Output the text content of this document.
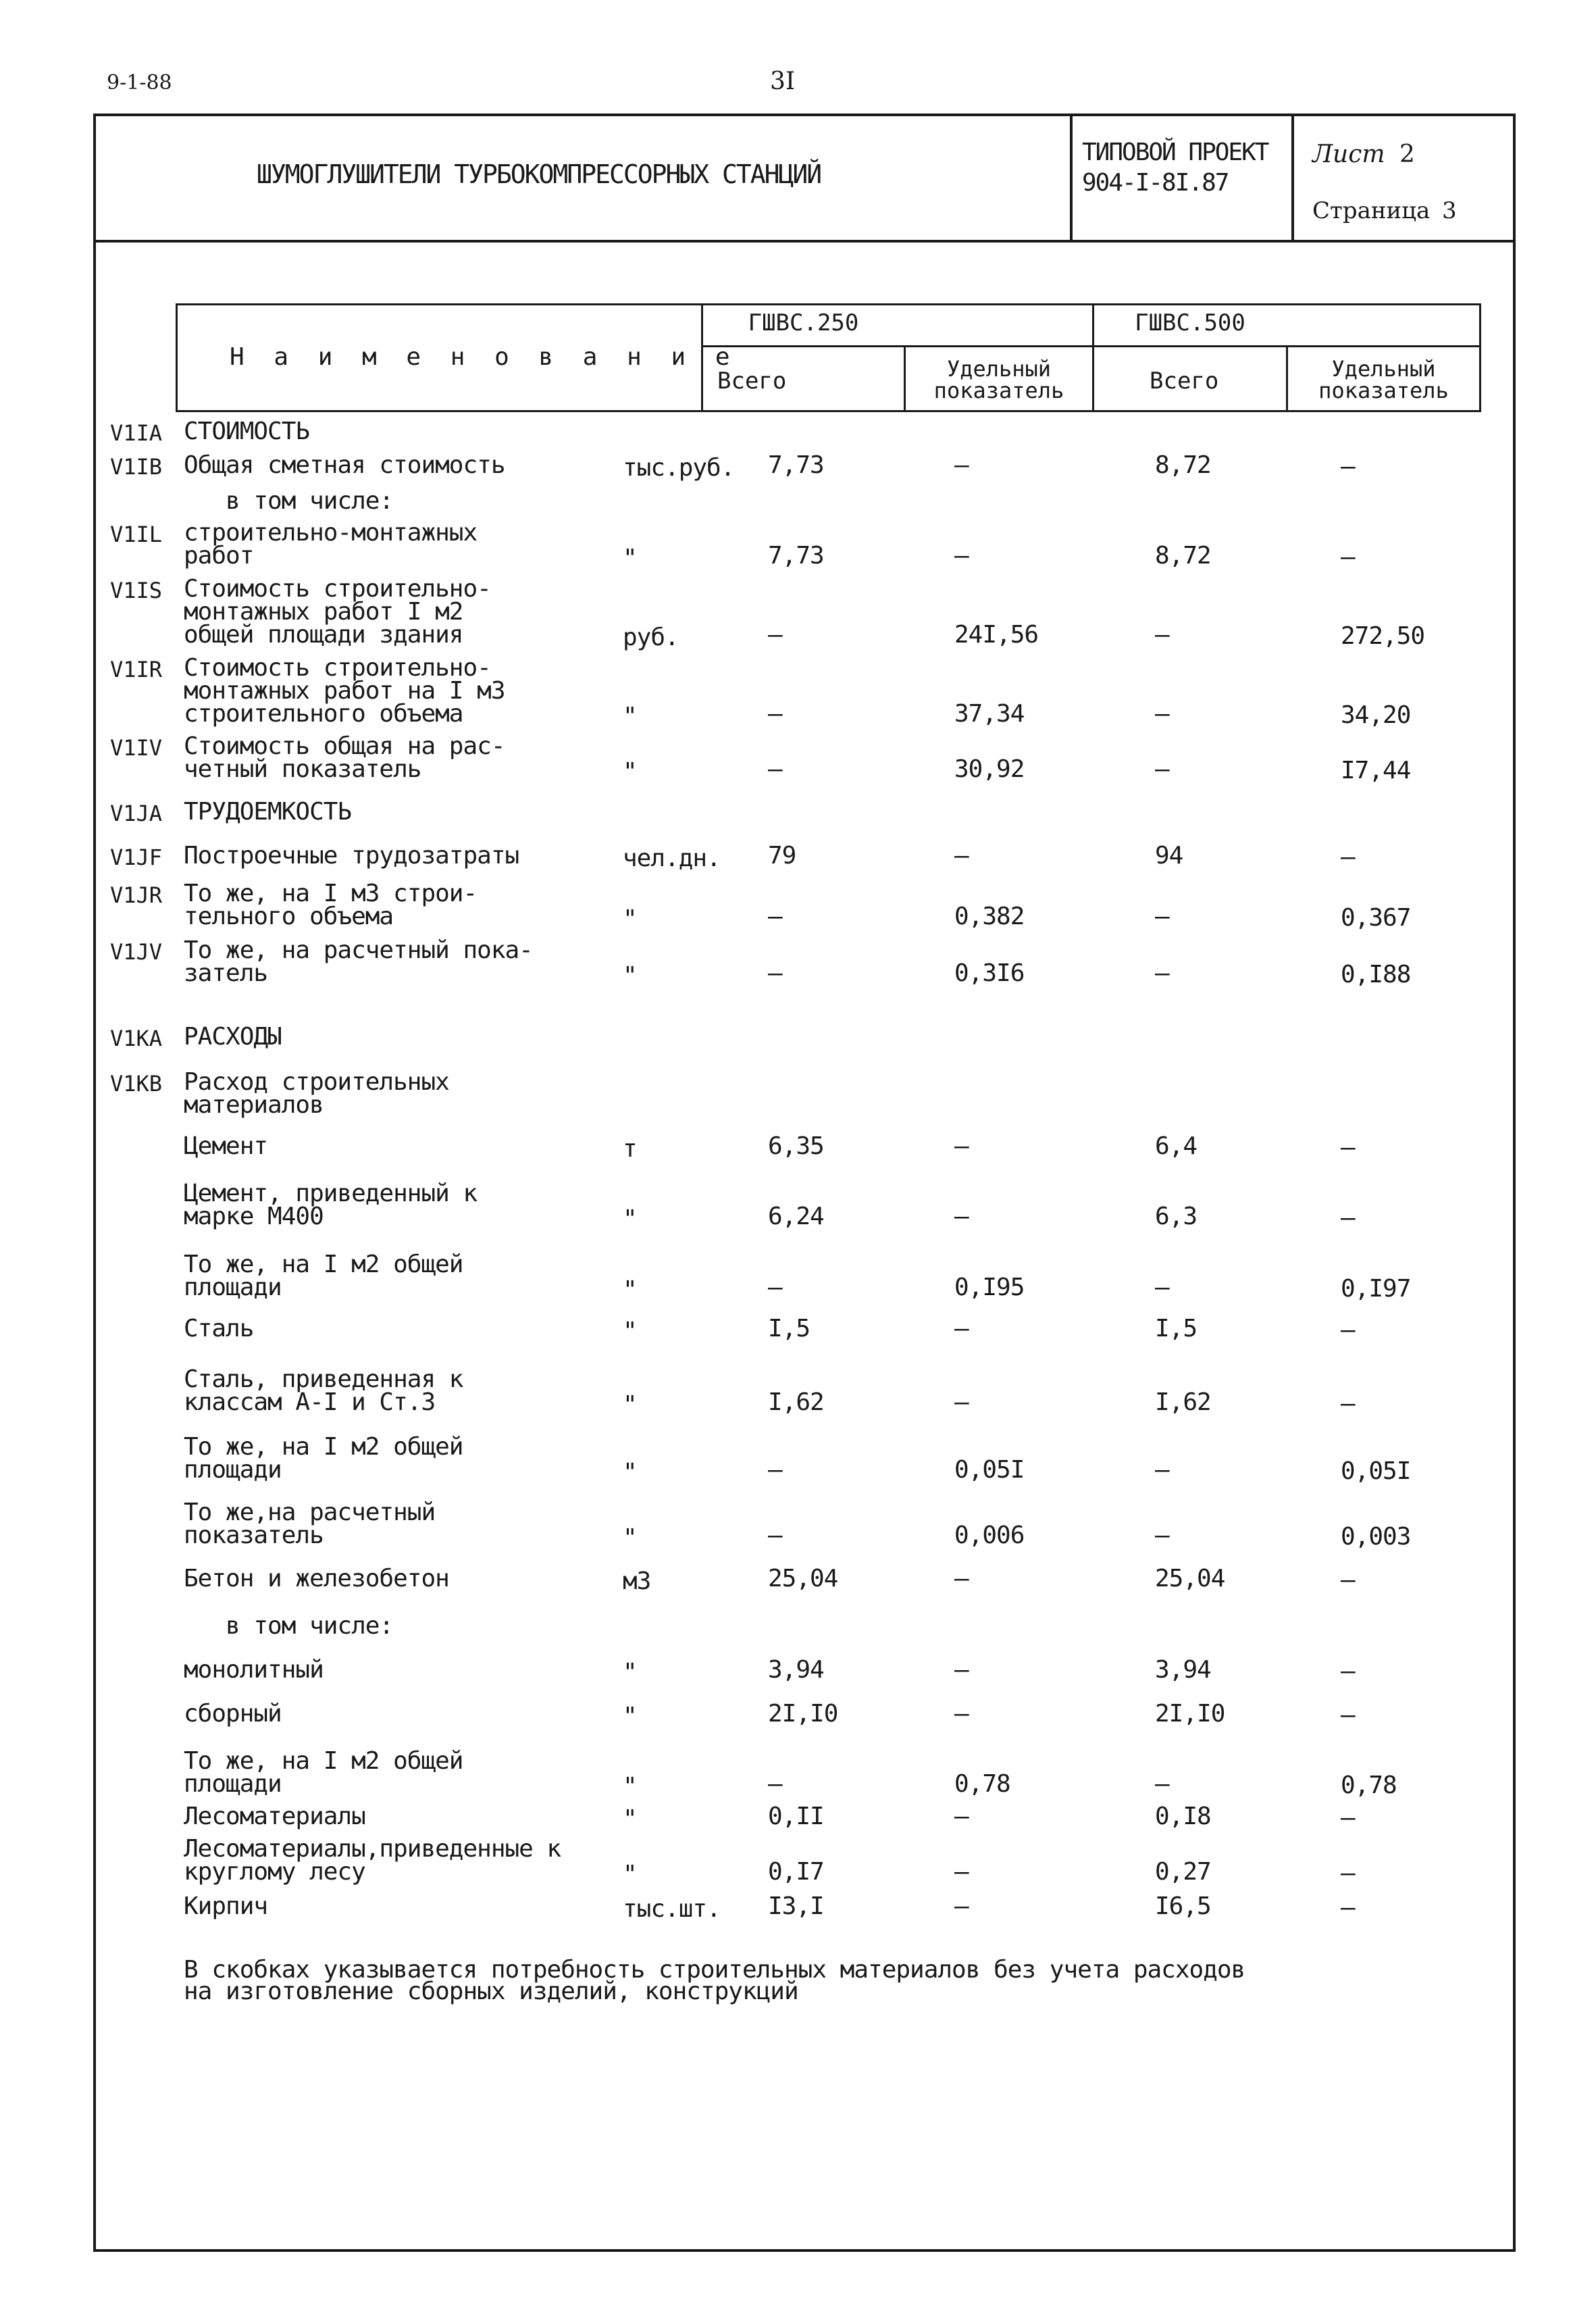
9-1-88	3I
ШУМОГЛУШИТЕЛИ ТУРБОКОМПРЕССОРНЫХ СТАНЦИЙ
ТИПОВОЙ ПРОЕКТ
904-I-8I.87
Лист 2
Страница 3
Н а и м е н о в а н и е
ГШВС.250	ГШВС.500
Всего	Всего
Удельный
показатель
Удельный
показатель
V1IA СТОИМОСТЬ
V1IB Общая сметная стоимость	тыс.руб. 7,73	–	8,72	–
в том числе:
V1IL строительно-монтажных
работ	"	7,73	–	8,72	–
V1IS Стоимость строительно-
монтажных работ I м2
общей площади здания	руб.	–	24I,56	–	272,50
V1IR Стоимость строительно-
монтажных работ на I м3
строительного объема	"	–	37,34	–	34,20
V1IV Стоимость общая на рас-
четный показатель	"	–	30,92	–	I7,44
V1JA ТРУДОЕМКОСТЬ
V1JF Построечные трудозатраты	чел.дн. 79	–	94	–
V1JR То же, на I м3 строи-
тельного объема	"	–	0,382	–	0,367
V1JV То же, на расчетный пока-
затель	"	–	0,3I6	–	0,I88
V1KA РАСХОДЫ
V1KB Расход строительных
материалов
Цемент	т	6,35	–	6,4	–
Цемент, приведенный к
марке М400	"	6,24	–	6,3	–
То же, на I м2 общей
площади	"	–	0,I95	–	0,I97
Сталь	"	I,5	–	I,5	–
Сталь, приведенная к
классам А-I и Ст.3	"	I,62	–	I,62	–
То же, на I м2 общей
площади	"	–	0,05I	–	0,05I
То же,на расчетный
показатель	"	–	0,006	–	0,003
Бетон и железобетон	м3	25,04	–	25,04	–
в том числе:
монолитный	"	3,94	–	3,94	–
сборный	"	2I,I0	–	2I,I0	–
То же, на I м2 общей
площади	"	–	0,78	–	0,78
Лесоматериалы	"	0,II	–	0,I8	–
Лесоматериалы,приведенные к
круглому лесу	"	0,I7	–	0,27	–
Кирпич	тыс.шт. I3,I	–	I6,5	–
В скобках указывается потребность строительных материалов без учета расходов
на изготовление сборных изделий, конструкций
